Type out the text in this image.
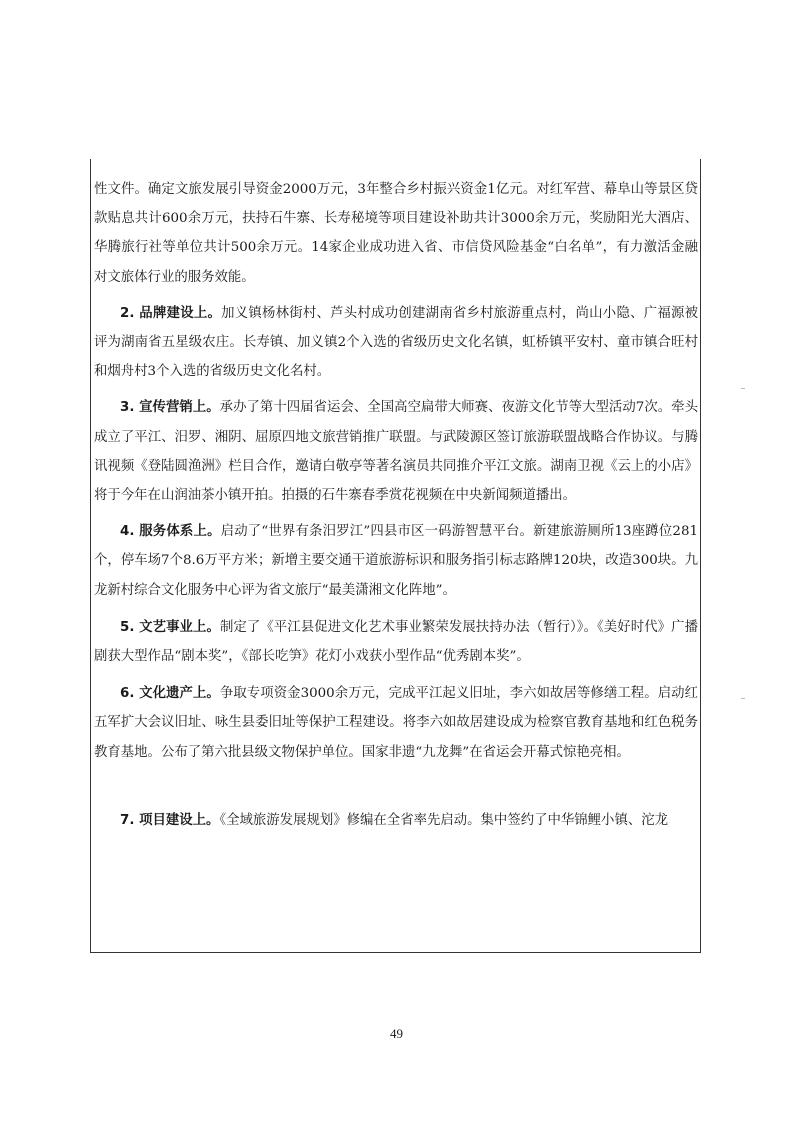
性文件。确定文旅发展引导资金2000万元，3年整合乡村振兴资金1亿元。对红军营、幕阜山等景区贷款贴息共计600余万元，扶持石牛寨、长寿秘境等项目建设补助共计3000余万元，奖励阳光大酒店、华腾旅行社等单位共计500余万元。14家企业成功进入省、市信贷风险基金“白名单”，有力激活金融对文旅体行业的服务效能。

2. 品牌建设上。加义镇杨林街村、芦头村成功创建湖南省乡村旅游重点村，尚山小隐、广福源被评为湖南省五星级农庄。长寿镇、加义镇2个入选的省级历史文化名镇，虹桥镇平安村、童市镇合旺村和烟舟村3个入选的省级历史文化名村。

3. 宣传营销上。承办了第十四届省运会、全国高空扁带大师赛、夜游文化节等大型活动7次。牵头成立了平江、汨罗、湘阴、屈原四地文旅营销推广联盟。与武陵源区签订旅游联盟战略合作协议。与腾讯视频《登陆圆渔洲》栏目合作，邀请白敬亭等著名演员共同推介平江文旅。湖南卫视《云上的小店》将于今年在山润油茶小镇开拍。拍摄的石牛寨春季赏花视频在中央新闻频道播出。

4. 服务体系上。启动了“世界有条汨罗江”四县市区一码游智慧平台。新建旅游厕所13座蹲位281个，停车场7个8.6万平方米；新增主要交通干道旅游标识和服务指引标志路牌120块，改造300块。九龙新村综合文化服务中心评为省文旅厅“最美潇湘文化阵地”。

5. 文艺事业上。制定了《平江县促进文化艺术事业繁荣发展扶持办法（暂行）》。《美好时代》广播剧获大型作品“剧本奖”，《部长吃笋》花灯小戏获小型作品“优秀剧本奖”。

6. 文化遗产上。争取专项资金3000余万元，完成平江起义旧址，李六如故居等修缮工程。启动红五军扩大会议旧址、咏生县委旧址等保护工程建设。将李六如故居建设成为检察官教育基地和红色税务教育基地。公布了第六批县级文物保护单位。国家非遗“九龙舞”在省运会开幕式惊艳亮相。

7. 项目建设上。《全域旅游发展规划》修编在全省率先启动。集中签约了中华锦鲤小镇、沱龙

49
